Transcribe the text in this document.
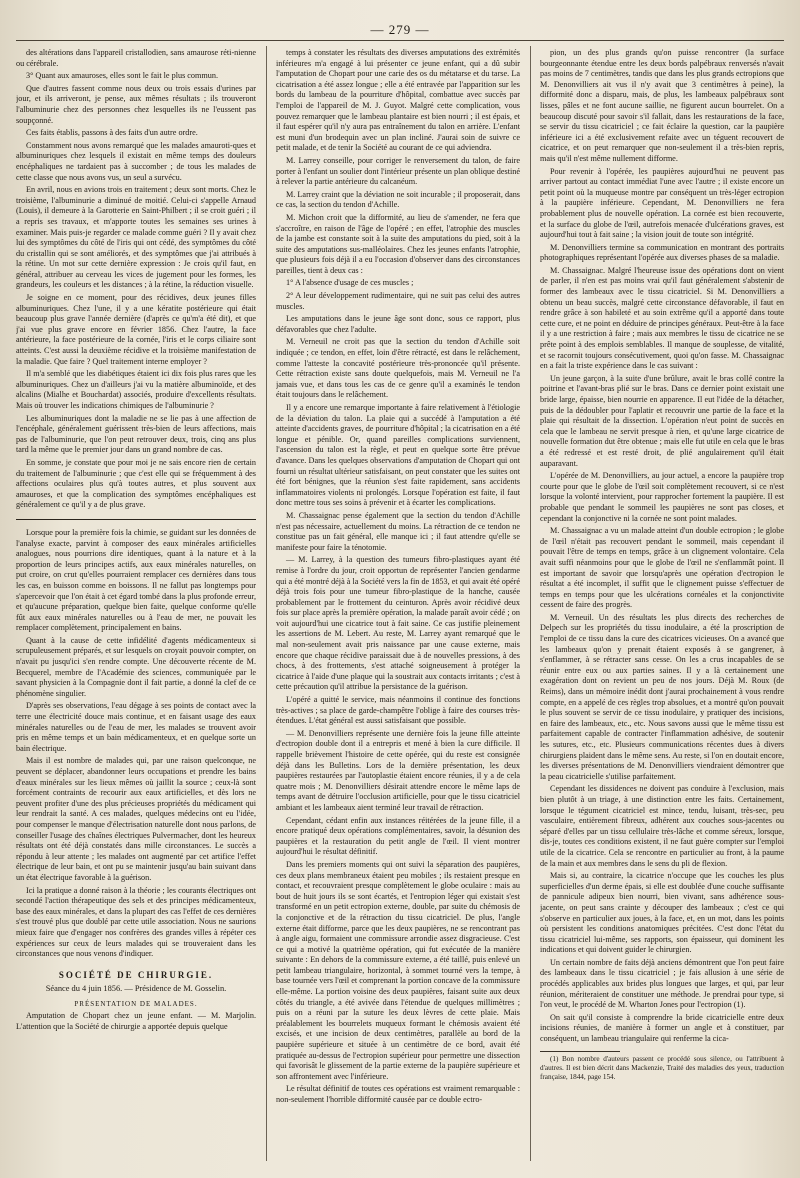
— 279 —

des altérations dans l'appareil cristallodien, sans amaurose réti-nienne ou cérébrale.

3° Quant aux amauroses, elles sont le fait le plus commun.

Que d'autres fassent comme nous deux ou trois essais d'urines par jour, et ils arriveront, je pense, aux mêmes résultats ; ils trouveront l'albuminurie chez des personnes chez lesquelles ils ne l'eussent pas soupçonné.

Ces faits établis, passons à des faits d'un autre ordre.

Constamment nous avons remarqué que les malades amauroti-ques et albuminuriques chez lesquels il existait en même temps des douleurs encéphaliques ne tardaient pas à succomber ; de tous les malades de cette classe que nous avons vus, un seul a survécu.

En avril, nous en avions trois en traitement ; deux sont morts. Chez le troisième, l'albuminurie a diminué de moitié. Celui-ci s'appelle Arnaud (Louis), il demeure à la Garotterie en Saint-Philbert ; il se croit guéri ; il a repris ses travaux, et m'apporte toutes les semaines ses urines à examiner. Mais puis-je regarder ce malade comme guéri ? Il y avait chez lui des symptômes du côté de l'iris qui ont cédé, des symptômes du côté du cristallin qui se sont améliorés, et des symptômes que j'ai attribués à la rétine. Un mot sur cette dernière expression : Je crois qu'il faut, en général, attribuer au cerveau les vices de jugement pour les formes, les grandeurs, les couleurs et les distances ; à la rétine, la réduction visuelle.

Je soigne en ce moment, pour des récidives, deux jeunes filles albuminuriques. Chez l'une, il y a une kératite postérieure qui était beaucoup plus grave l'année dernière (d'après ce qu'm'a été dit), et que j'ai vue plus grave encore en février 1856. Chez l'autre, la face antérieure, la face postérieure de la cornée, l'iris et le corps ciliaire sont atteints. C'est aussi la deuxième récidive et la troisième manifestation de la maladie. Que faire ? Quel traitement interne employer ?

Il m'a semblé que les diabétiques étaient ici dix fois plus rares que les albuminuriques. Chez un d'ailleurs j'ai vu la matière albuminoïde, et des alcalins (Mialhe et Bouchardat) associés, produire d'excellents résultats. Mais où trouver les indications chimiques de l'albuminurie ?

Les albuminuriques dont la maladie ne se lie pas à une affection de l'encéphale, généralement guérissent très-bien de leurs affections, mais pas de l'albuminurie, que l'on peut retrouver deux, trois, cinq ans plus tard la même que le premier jour dans un grand nombre de cas.

En somme, je constate que pour moi je ne sais encore rien de certain du traitement de l'albuminurie ; que c'est elle qui se fréquemment à des affections oculaires plus qu'à toutes autres, et plus souvent aux amauroses, et que la complication des symptômes encéphaliques est généralement ce qu'il y a de plus grave.

Lorsque pour la première fois la chimie, se guidant sur les données de l'analyse exacte, parvint à composer des eaux minérales artificielles analogues, nous pourrions dire identiques, quant à la nature et à la proportion de leurs principes actifs, aux eaux minérales naturelles, on put croire, on crut qu'elles pourraient remplacer ces dernières dans tous les cas, en buisson comme en boissons. Il ne fallut pas longtemps pour s'apercevoir que l'on était à cet égard tombé dans la plus profonde erreur, et qu'aucune préparation, quelque bien faite, quelque conforme qu'elle fût aux eaux minérales naturelles ou à l'eau de mer, ne pouvait les remplacer complètement, principalement en bains.

Quant à la cause de cette infidélité d'agents médicamenteux si scrupuleusement préparés, et sur lesquels on croyait pouvoir compter, on n'avait pu jusqu'ici s'en rendre compte. Une découverte récente de M. Becquerel, membre de l'Académie des sciences, communiquée par le savant physicien à la Compagnie dont il fait partie, a donné la clef de ce phénomène singulier.

D'après ses observations, l'eau dégage à ses points de contact avec la terre une électricité douce mais continue, et en faisant usage des eaux minérales naturelles ou de l'eau de mer, les malades se trouvent avoir pris en même temps et un bain médicamenteux, et en quelque sorte un bain électrique.

Mais il est nombre de malades qui, par une raison quelconque, ne peuvent se déplacer, abandonner leurs occupations et prendre les bains d'eaux minérales sur les lieux mêmes où jaillit la source ; ceux-là sont forcément contraints de recourir aux eaux artificielles, et dès lors ne peuvent profiter d'une des plus précieuses propriétés du médicament qui leur rendrait la santé. A ces malades, quelques médecins ont eu l'idée, pour compenser le manque d'électrisation naturelle dont nous parlons, de conseiller l'usage des chaînes électriques Pulvermacher, dont les heureux résultats ont été déjà constatés dans mille circonstances. Le succès a répondu à leur attente ; les malades ont augmenté par cet artifice l'effet électrique de leur bain, et ont pu se maintenir jusqu'au bain suivant dans un état électrique favorable à la guérison.

Ici la pratique a donné raison à la théorie ; les courants électriques ont secondé l'action thérapeutique des sels et des principes médicamenteux, base des eaux minérales, et dans la plupart des cas l'effet de ces dernières s'est trouvé plus que doublé par cette utile association. Nous ne saurions mieux faire que d'engager nos confrères des grandes villes à répéter ces expériences sur ceux de leurs malades qui se trouveraient dans les circonstances que nous venons d'indiquer.

SOCIÉTÉ DE CHIRURGIE.
Séance du 4 juin 1856. — Présidence de M. Gosselin.
PRÉSENTATION DE MALADES.

Amputation de Chopart chez un jeune enfant. — M. Marjolin. L'attention que la Société de chirurgie a apportée depuis quelque

temps à constater les résultats des diverses amputations des extrémités inférieures m'a engagé à lui présenter ce jeune enfant, qui a dû subir l'amputation de Chopart pour une carie des os du métatarse et du tarse. La cicatrisation a été assez longue ; elle a été entravée par l'apparition sur les bords du lambeau de la pourriture d'hôpital, combattue avec succès par l'emploi de l'appareil de M. J. Guyot. Malgré cette complication, vous pouvez remarquer que le lambeau plantaire est bien nourri ; il est épais, et il faut espérer qu'il n'y aura pas entraînement du talon en arrière. L'enfant est muni d'un brodequin avec un plan incliné. J'aurai soin de suivre ce petit malade, et de tenir la Société au courant de ce qui adviendra.

M. Larrey conseille, pour corriger le renversement du talon, de faire porter à l'enfant un soulier dont l'intérieur présente un plan oblique destiné à relever la partie antérieure du calcanéum.

M. Larrey craint que la déviation ne soit incurable ; il proposerait, dans ce cas, la section du tendon d'Achille.

M. Michon croit que la difformité, au lieu de s'amender, ne fera que s'accroître, en raison de l'âge de l'opéré ; en effet, l'atrophie des muscles de la jambe est constante soit à la suite des amputations du pied, soit à la suite des amputations sus-malléolaires. Chez les jeunes enfants l'atrophie, que plusieurs fois déjà il a eu l'occasion d'observer dans des circonstances pareilles, tient à deux cas :

1° A l'absence d'usage de ces muscles ;

2° A leur développement rudimentaire, qui ne suit pas celui des autres muscles.

Les amputations dans le jeune âge sont donc, sous ce rapport, plus défavorables que chez l'adulte.

M. Verneuil ne croit pas que la section du tendon d'Achille soit indiquée ; ce tendon, en effet, loin d'être rétracté, est dans le relâchement, comme l'atteste la concavité postérieure très-prononcée qu'il présente. Cette rétraction existe sans doute quelquefois, mais M. Verneuil ne l'a jamais vue, et dans tous les cas de ce genre qu'il a examinés le tendon était toujours dans le relâchement.

Il y a encore une remarque importante à faire relativement à l'étiologie de la déviation du talon. La plaie qui a succédé à l'amputation a été atteinte d'accidents graves, de pourriture d'hôpital ; la cicatrisation en a été longue et pénible. Or, quand pareilles complications surviennent, l'ascension du talon est la règle, et peut en quelque sorte être prévue d'avance. Dans les quelques observations d'amputation de Chopart qui ont fourni un résultat ultérieur satisfaisant, on peut constater que les suites ont été fort bénignes, que la réunion s'est faite rapidement, sans accidents inflammatoires violents ni prolongés. Lorsque l'opération est faite, il faut donc mettre tous ses soins à prévenir et à écarter les complications.

M. Chassaignac pense également que la section du tendon d'Achille n'est pas nécessaire, actuellement du moins. La rétraction de ce tendon ne constitue pas un fait général, elle manque ici ; il faut attendre qu'elle se manifeste pour faire la ténotomie.

— M. Larrey, à la question des tumeurs fibro-plastiques ayant été remise à l'ordre du jour, croit opportun de représenter l'ancien gendarme qui a été montré déjà à la Société vers la fin de 1853, et qui avait été opéré déjà trois fois pour une tumeur fibro-plastique de la hanche, causée probablement par le frottement du ceinturon. Après avoir récidivé deux fois sur place après la première opération, la malade paraît avoir cédé ; on voit aujourd'hui une cicatrice tout à fait saine. Ce cas justifie pleinement les assertions de M. Lebert. Au reste, M. Larrey ayant remarqué que le mal non-seulement avait pris naissance par une cause externe, mais encore que chaque récidive paraissait due à de nouvelles pressions, à des chocs, à des frottements, s'est attaché soigneusement à protéger la cicatrice à l'aide d'une plaque qui la soustrait aux contacts irritants ; c'est à cette précaution qu'il attribue la persistance de la guérison.

L'opéré a quitté le service, mais néanmoins il continue des fonctions très-actives ; sa place de garde-champêtre l'oblige à faire des courses très-étendues. L'état général est aussi satisfaisant que possible.

— M. Denonvilliers représente une dernière fois la jeune fille atteinte d'ectropion double dont il a entrepris et mené à bien la cure difficile. Il rappelle brièvement l'histoire de cette opérée, qui du reste est consignée déjà dans les Bulletins. Lors de la dernière présentation, les deux paupières restaurées par l'autoplastie étaient encore réunies, il y a de cela quatre mois ; M. Denonvilliers désirait attendre encore le même laps de temps avant de détruire l'occlusion artificielle, pour que le tissu cicatriciel ambiant et les lambeaux aient terminé leur travail de rétraction.

Cependant, cédant enfin aux instances réitérées de la jeune fille, il a encore pratiqué deux opérations complémentaires, savoir, la désunion des paupières et la restauration du petit angle de l'œil. Il vient montrer aujourd'hui le résultat définitif.

Dans les premiers moments qui ont suivi la séparation des paupières, ces deux plans membraneux étaient peu mobiles ; ils restaient presque en contact, et recouvraient presque complètement le globe oculaire : mais au bout de huit jours ils se sont écartés, et l'entropion léger qui existait s'est transformé en un petit ectropion externe, double, par suite du chémosis de la conjonctive et de la rétraction du tissu cicatriciel. De plus, l'angle externe était difforme, parce que les deux paupières, ne se rencontrant pas à angle aigu, formaient une commissure arrondie assez disgracieuse. C'est ce qui a motivé la quatrième opération, qui fut exécutée de la manière suivante : En dehors de la commissure externe, a été taillé, puis enlevé un petit lambeau triangulaire, horizontal, à sommet tourné vers la tempe, à base tournée vers l'œil et comprenant la portion concave de la commissure elle-même. La portion voisine des deux paupières, faisant suite aux deux côtés du triangle, a été avivée dans l'étendue de quelques millimètres ; puis on a réuni par la suture les deux lèvres de cette plaie. Mais préalablement les bourrelets muqueux formant le chémosis avaient été excisés, et une incision de deux centimètres, parallèle au bord de la paupière supérieure et située à un centimètre de ce bord, avait été pratiquée au-dessus de l'ectropion supérieur pour permettre une dissection qui favorisât le glissement de la partie externe de la paupière supérieure et son affrontement avec l'inférieure.

Le résultat définitif de toutes ces opérations est vraiment remarquable : non-seulement l'horrible difformité causée par ce double ectro-

pion, un des plus grands qu'on puisse rencontrer (la surface bourgeonnante étendue entre les deux bords palpébraux renversés n'avait pas moins de 7 centimètres, tandis que dans les plus grands ectropions que M. Denonvilliers ait vus il n'y avait que 3 centimètres à peine), la difformité donc a disparu, mais, de plus, les lambeaux palpébraux sont lisses, pâles et ne font aucune saillie, ne figurent aucun bourrelet. On a beaucoup discuté pour savoir s'il fallait, dans les restaurations de la face, se servir du tissu cicatriciel ; ce fait éclaire la question, car la paupière inférieure ici a été exclusivement refaite avec un téguent recouvert de cicatrice, et on peut remarquer que non-seulement il a très-bien repris, mais qu'il n'est même nullement difforme.

Pour revenir à l'opérée, les paupières aujourd'hui ne peuvent pas arriver partout au contact immédiat l'une avec l'autre ; il existe encore un petit point où la muqueuse montre par conséquent un très-léger ectropion à la paupière inférieure. Cependant, M. Denonvilliers ne fera probablement plus de nouvelle opération. La cornée est bien recouverte, et la surface du globe de l'œil, autrefois menacée d'ulcérations graves, est aujourd'hui tout à fait saine ; la vision jouit de toute son intégrité.

M. Denonvilliers termine sa communication en montrant des portraits photographiques représentant l'opérée aux diverses phases de sa maladie.

M. Chassaignac. Malgré l'heureuse issue des opérations dont on vient de parler, il n'en est pas moins vrai qu'il faut généralement s'abstenir de former des lambeaux avec le tissu cicatriciel. Si M. Denonvilliers a obtenu un beau succès, malgré cette circonstance défavorable, il faut en rendre grâce à son habileté et au soin extrême qu'il a apporté dans toute cette cure, et ne point en déduire de principes généraux. Peut-être à la face il y a une restriction à faire ; mais aux membres le tissu de cicatrice ne se prête point à des emplois semblables. Il manque de souplesse, de vitalité, et se racornit toujours consécutivement, quoi qu'on fasse. M. Chassaignac en a fait la triste expérience dans le cas suivant :

Un jeune garçon, à la suite d'une brûlure, avait le bras collé contre la poitrine et l'avant-bras plié sur le bras. Dans ce dernier point existait une bride large, épaisse, bien nourrie en apparence. Il eut l'idée de la détacher, puis de la dédoubler pour l'aplatir et recouvrir une partie de la face et la plaie qui résultait de la dissection. L'opération n'eut point de succès en cela que le lambeau ne servit presque à rien, et qu'une large cicatrice de nouvelle formation dut être obtenue ; mais elle fut utile en cela que le bras a été redressé et est resté droit, de plié angulairement qu'il était auparavant.

L'opérée de M. Denonvilliers, au jour actuel, a encore la paupière trop courte pour que le globe de l'œil soit complètement recouvert, si ce n'est lorsque la volonté intervient, pour rapprocher fortement la paupière. Il est probable que pendant le sommeil les paupières ne sont pas closes, et cependant la conjonctive ni la cornée ne sont point malades.

M. Chassaignac a vu un malade atteint d'un double ectropion ; le globe de l'œil n'était pas recouvert pendant le sommeil, mais cependant il pouvait l'être de temps en temps, grâce à un clignement volontaire. Cela avait suffi néanmoins pour que le globe de l'œil ne s'enflammât point. Il est important de savoir que lorsqu'après une opération d'ectropion le résultat a été incomplet, il suffit que le clignement puisse s'effectuer de temps en temps pour que les ulcérations cornéales et la conjonctivite cessent de faire des progrès.

M. Verneuil. Un des résultats les plus directs des recherches de Delpech sur les propriétés du tissu inodulaire, a été la proscription de l'emploi de ce tissu dans la cure des cicatrices vicieuses. On a avancé que les lambeaux qu'on y prenait étaient exposés à se gangrener, à s'enflammer, à se rétracter sans cesse. On les a crus incapables de se réunir entre eux ou aux parties saines. Il y a là certainement une exagération dont on revient un peu de nos jours. Déjà M. Roux (de Reims), dans un mémoire inédit dont j'aurai prochainement à vous rendre compte, en a appelé de ces règles trop absolues, et a montré qu'on pouvait le plus souvent se servir de ce tissu inodulaire, y pratiquer des incisions, en faire des lambeaux, etc., etc. Nous savons aussi que le même tissu est parfaitement capable de contracter l'inflammation adhésive, de soutenir les sutures, etc., etc. Plusieurs communications récentes dues à divers chirurgiens plaident dans le même sens. Au reste, si l'on en doutait encore, les diverses présentations de M. Denonvilliers viendraient démontrer que la peau cicatricielle s'utilise parfaitement.

Cependant les dissidences ne doivent pas conduire à l'exclusion, mais bien plutôt à un triage, à une distinction entre les faits. Certainement, lorsque le tégument cicatriciel est mince, tendu, luisant, très-sec, peu vasculaire, entièrement fibreux, adhérent aux couches sous-jacentes ou séparé d'elles par un tissu cellulaire très-lâche et comme séreux, lorsque, dis-je, toutes ces conditions existent, il ne faut guère compter sur l'emploi utile de la cicatrice. Cela se rencontre en particulier au front, à la paume de la main et aux membres dans le sens du pli de flexion.

Mais si, au contraire, la cicatrice n'occupe que les couches les plus superficielles d'un derme épais, si elle est doublée d'une couche suffisante de pannicule adipeux bien nourri, bien vivant, sans adhérence sous-jacente, on peut sans crainte y découper des lambeaux ; c'est ce qui s'observe en particulier aux joues, à la face, et, en un mot, dans les points où persistent les conditions anatomiques précitées. C'est donc l'état du tissu cicatriciel lui-même, ses rapports, son épaisseur, qui dominent les indications et qui doivent guider le chirurgien.

Un certain nombre de faits déjà anciens démontrent que l'on peut faire des lambeaux dans le tissu cicatriciel ; je fais allusion à une série de procédés applicables aux brides plus longues que larges, et qui, par leur réunion, mériteraient de constituer une méthode. Je prendrai pour type, si l'on veut, le procédé de M. Wharton Jones pour l'ectropion (1).

On sait qu'il consiste à comprendre la bride cicatricielle entre deux incisions réunies, de manière à former un angle et à constituer, par conséquent, un lambeau triangulaire qui renferme la cica-

(1) Bon nombre d'auteurs passent ce procédé sous silence, ou l'attribuent à d'autres. Il est bien décrit dans Mackenzie, Traité des maladies des yeux, traduction française, 1844, page 154.
